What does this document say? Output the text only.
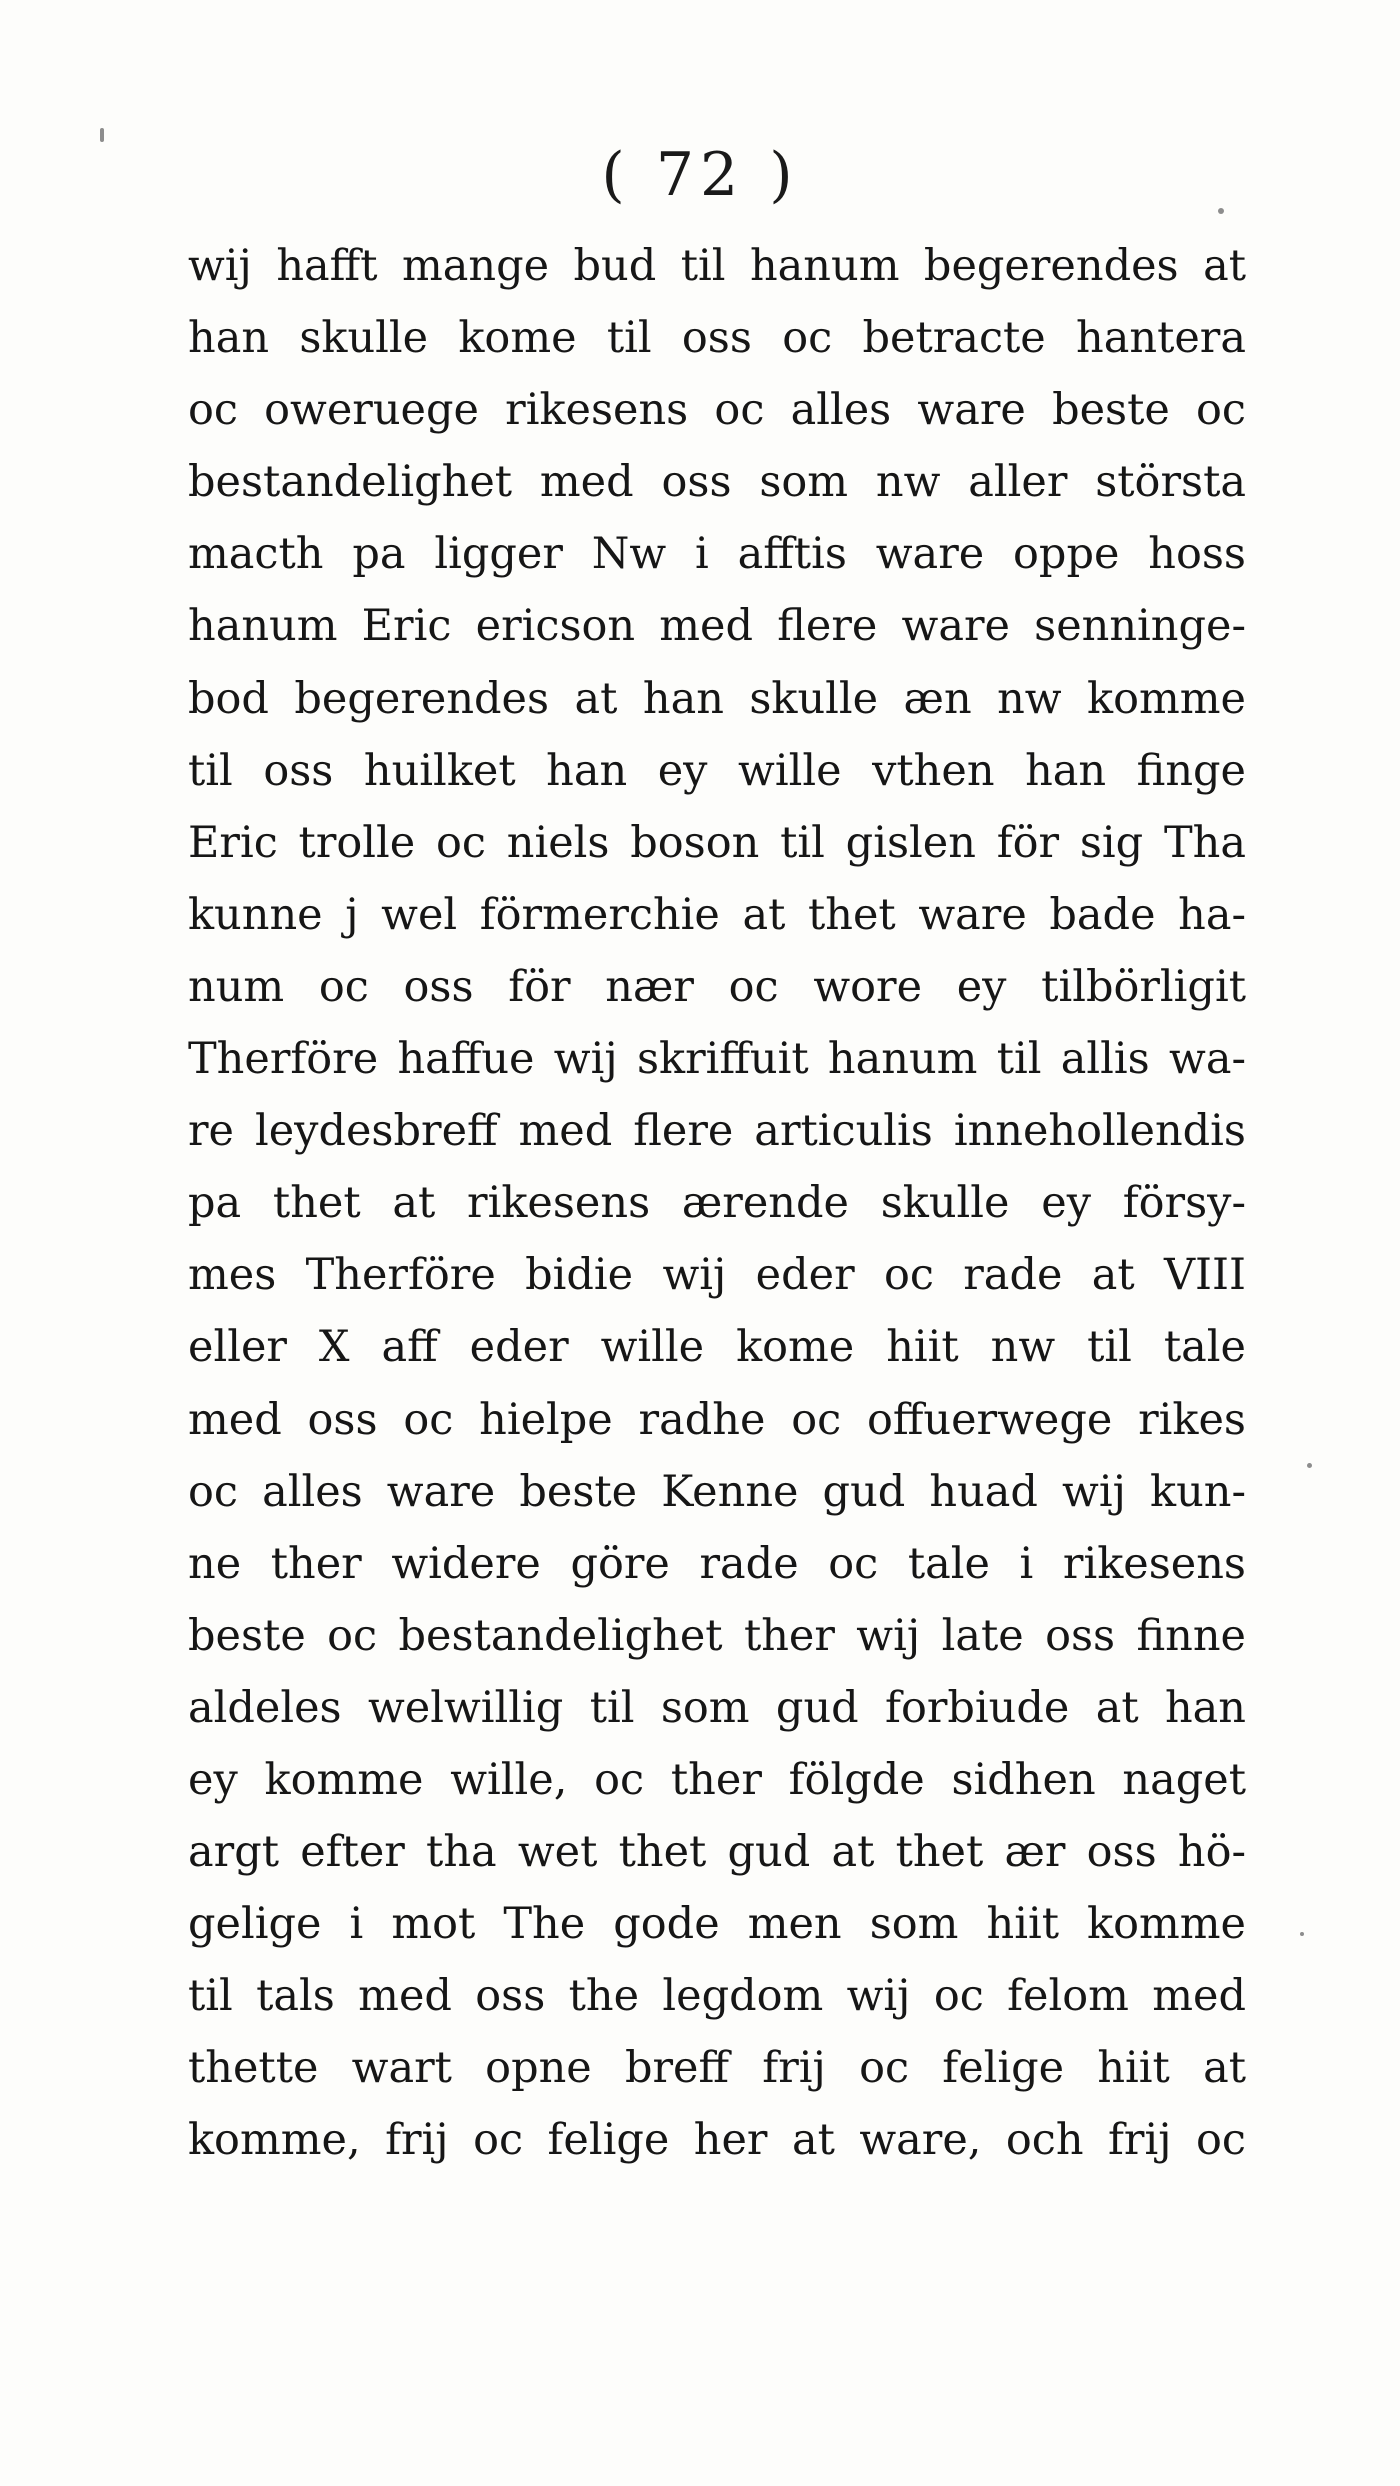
( 72 )
wij hafft mange bud til hanum begerendes at
han skulle kome til oss oc betracte hantera
oc oweruege rikesens oc alles ware beste oc
bestandelighet med oss som nw aller största
macth pa ligger Nw i afftis ware oppe hoss
hanum Eric ericson med flere ware senninge-
bod begerendes at han skulle æn nw komme
til oss huilket han ey wille vthen han finge
Eric trolle oc niels boson til gislen för sig Tha
kunne j wel förmerchie at thet ware bade ha-
num oc oss för nær oc wore ey tilbörligit
Therföre haffue wij skriffuit hanum til allis wa-
re leydesbreff med flere articulis innehollendis
pa thet at rikesens ærende skulle ey försy-
mes Therföre bidie wij eder oc rade at VIII
eller X aff eder wille kome hiit nw til tale
med oss oc hielpe radhe oc offuerwege rikes
oc alles ware beste Kenne gud huad wij kun-
ne ther widere göre rade oc tale i rikesens
beste oc bestandelighet ther wij late oss finne
aldeles welwillig til som gud forbiude at han
ey komme wille, oc ther fölgde sidhen naget
argt efter tha wet thet gud at thet ær oss hö-
gelige i mot The gode men som hiit komme
til tals med oss the legdom wij oc felom med
thette wart opne breff frij oc felige hiit at
komme, frij oc felige her at ware, och frij oc
